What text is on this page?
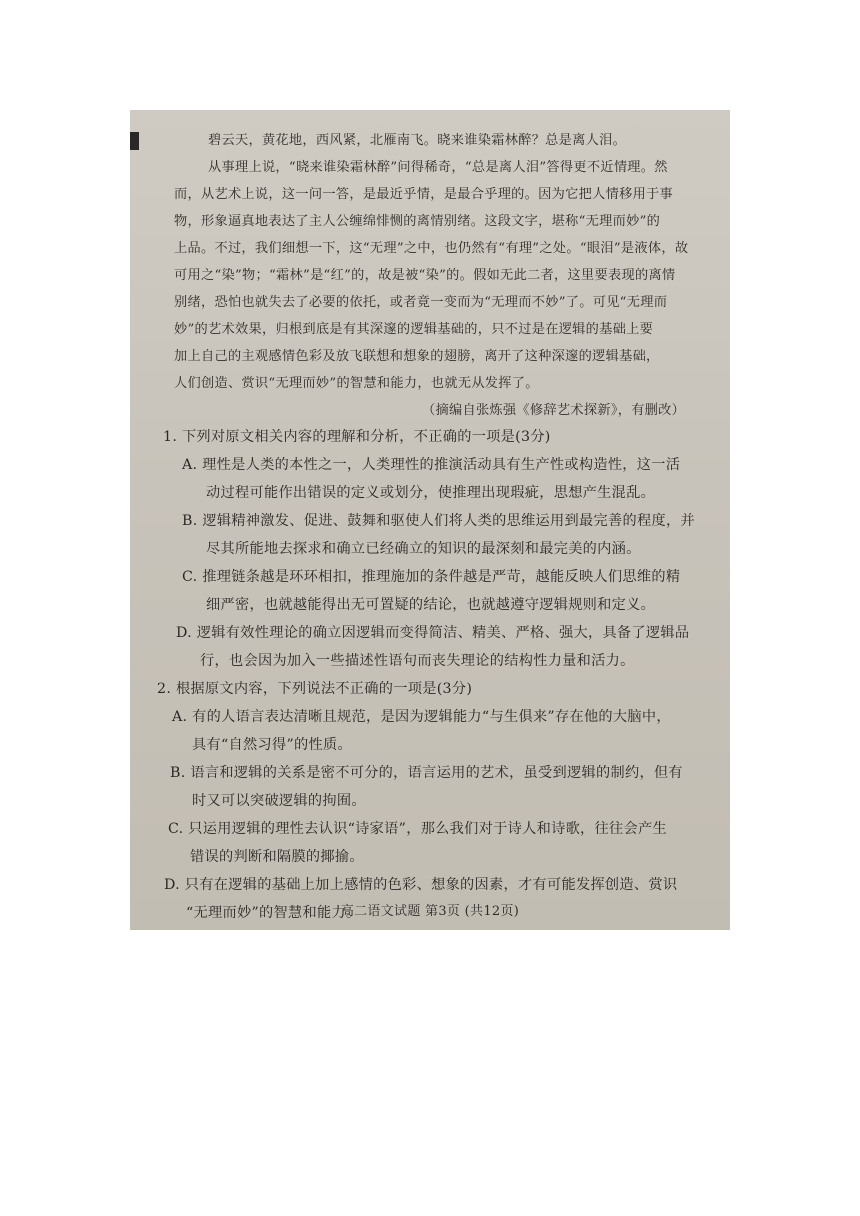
碧云天，黄花地，西风紧，北雁南飞。晓来谁染霜林醉？总是离人泪。
从事理上说，“晓来谁染霜林醉”问得稀奇，“总是离人泪”答得更不近情理。然
而，从艺术上说，这一问一答，是最近乎情，是最合乎理的。因为它把人情移用于事
物，形象逼真地表达了主人公缠绵悱恻的离情别绪。这段文字，堪称“无理而妙”的
上品。不过，我们细想一下，这“无理”之中，也仍然有“有理”之处。“眼泪”是液体，故
可用之“染”物；“霜林”是“红”的，故是被“染”的。假如无此二者，这里要表现的离情
别绪，恐怕也就失去了必要的依托，或者竟一变而为“无理而不妙”了。可见“无理而
妙”的艺术效果，归根到底是有其深邃的逻辑基础的，只不过是在逻辑的基础上要
加上自己的主观感情色彩及放飞联想和想象的翅膀，离开了这种深邃的逻辑基础，
人们创造、赏识“无理而妙”的智慧和能力，也就无从发挥了。
（摘编自张炼强《修辞艺术探新》，有删改）
1. 下列对原文相关内容的理解和分析，不正确的一项是(3分)
A. 理性是人类的本性之一，人类理性的推演活动具有生产性或构造性，这一活
动过程可能作出错误的定义或划分，使推理出现瑕疵，思想产生混乱。
B. 逻辑精神激发、促进、鼓舞和驱使人们将人类的思维运用到最完善的程度，并
尽其所能地去探求和确立已经确立的知识的最深刻和最完美的内涵。
C. 推理链条越是环环相扣，推理施加的条件越是严苛，越能反映人们思维的精
细严密，也就越能得出无可置疑的结论，也就越遵守逻辑规则和定义。
D. 逻辑有效性理论的确立因逻辑而变得简洁、精美、严格、强大，具备了逻辑品
行，也会因为加入一些描述性语句而丧失理论的结构性力量和活力。
2. 根据原文内容，下列说法不正确的一项是(3分)
A. 有的人语言表达清晰且规范，是因为逻辑能力“与生俱来”存在他的大脑中，
具有“自然习得”的性质。
B. 语言和逻辑的关系是密不可分的，语言运用的艺术，虽受到逻辑的制约，但有
时又可以突破逻辑的拘囿。
C. 只运用逻辑的理性去认识“诗家语”，那么我们对于诗人和诗歌，往往会产生
错误的判断和隔膜的揶揄。
D. 只有在逻辑的基础上加上感情的色彩、想象的因素，才有可能发挥创造、赏识
“无理而妙”的智慧和能力。
高二语文试题 第3页 (共12页)
